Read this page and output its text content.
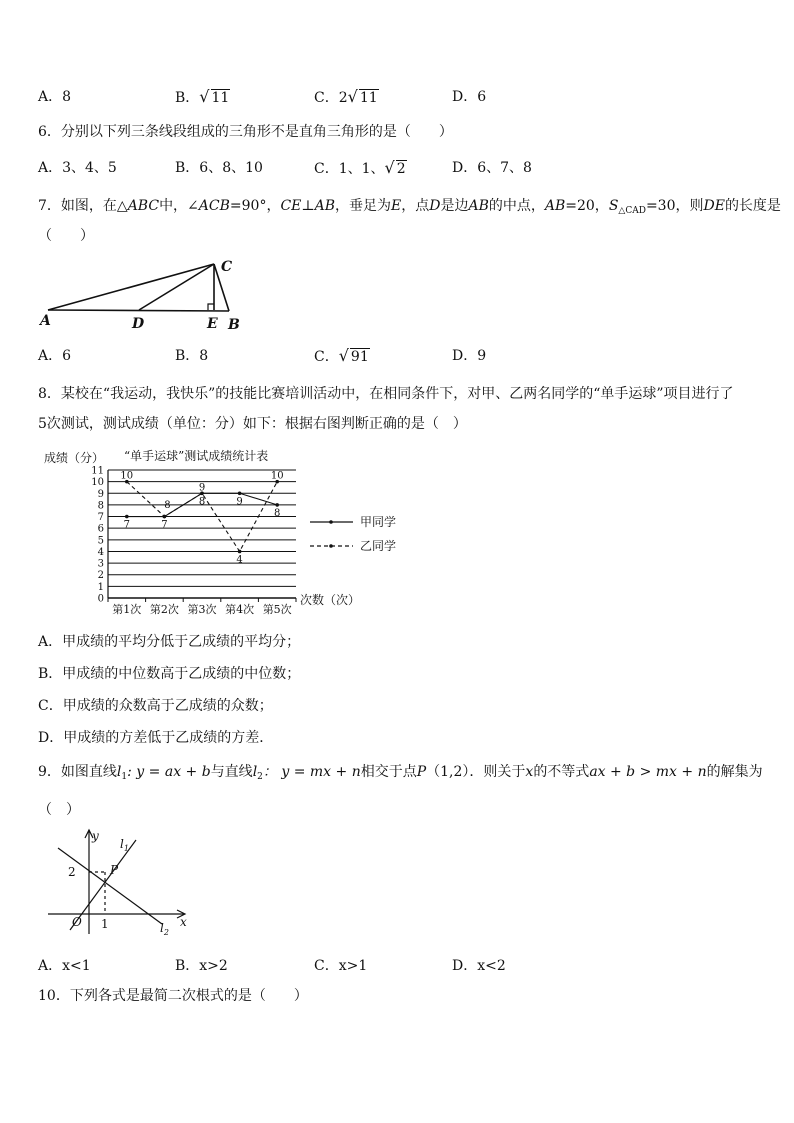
A．8	B．√ 11	C．2√ 11	D．6
6．分别以下列三条线段组成的三角形不是直角三角形的是（　　）
A．3、4、5	B．6、8、10	C．1、1、√ 2	D．6、7、8
7．如图，在△ABC中，∠ACB=90°，CE⊥AB，垂足为E，点D是边AB的中点，AB=20，$S_{\triangle CAD}=30$，则DE的长度是
（　　）
A	D	E B
C
A．6	B．8	C．√ 91	D．9
8．某校在“我运动，我快乐”的技能比赛培训活动中，在相同条件下，对甲、乙两名同学的“单手运球”项目进行了
5次测试，测试成绩（单位：分）如下：根据右图判断正确的是（　）
成绩（分） “单手运球”测试成绩统计表
次数（次）
0
1
2
3
4
5
6
7
8
9
10
11
第1次 第2次 第3次 第4次 第5次
7
8	9
8
10
7
9
4
10
8
甲同学
乙同学
A．甲成绩的平均分低于乙成绩的平均分；
B．甲成绩的中位数高于乙成绩的中位数；
C．甲成绩的众数高于乙成绩的众数；
D．甲成绩的方差低于乙成绩的方差．
9．如图直线$l_1$: y = ax + b与直线$l_2$： y = mx + n相交于点P（1,2）．则关于x的不等式ax + b > mx + n的解集为
（　）
y
x
O
2
1
P
$l_1$
$l_2$
A．x<1	B．x>2	C．x>1	D．x<2
10．下列各式是最简二次根式的是（　　）
